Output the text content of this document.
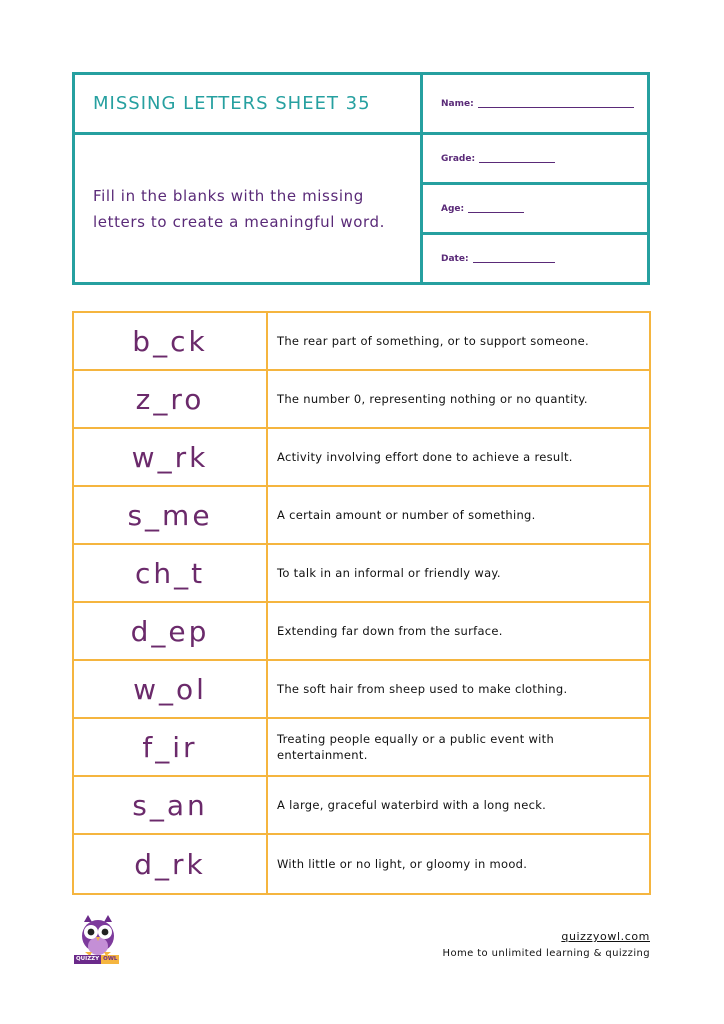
MISSING LETTERS SHEET 35
Fill in the blanks with the missing letters to create a meaningful word.
Name:
Grade:
Age:
Date:
b_ck	The rear part of something, or to support someone.
z_ro	The number 0, representing nothing or no quantity.
w_rk	Activity involving effort done to achieve a result.
s_me	A certain amount or number of something.
ch_t	To talk in an informal or friendly way.
d_ep	Extending far down from the surface.
w_ol	The soft hair from sheep used to make clothing.
f_ir	Treating people equally or a public event with entertainment.
s_an	A large, graceful waterbird with a long neck.
d_rk	With little or no light, or gloomy in mood.
QUIZZY OWL
quizzyowl.com
Home to unlimited learning & quizzing
